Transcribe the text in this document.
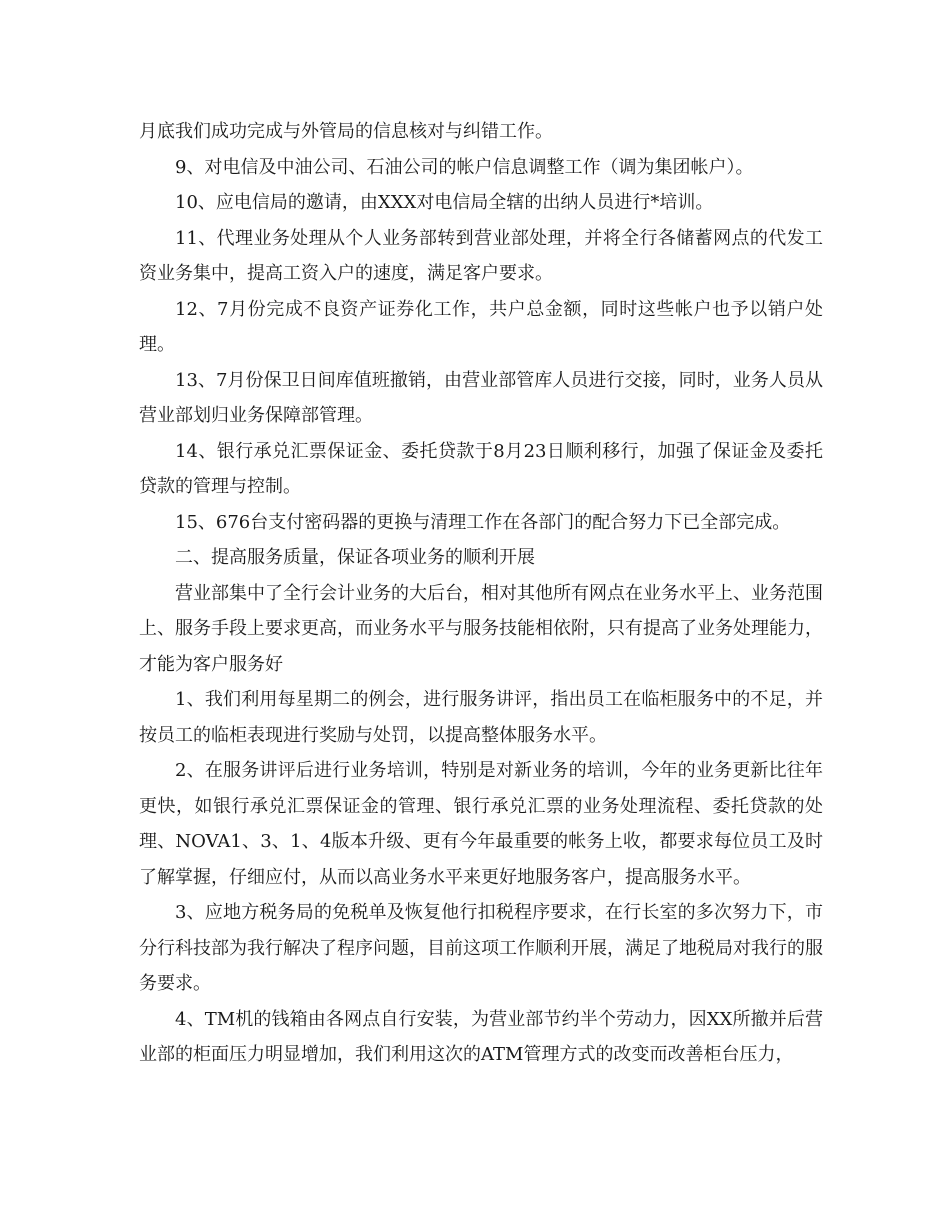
月底我们成功完成与外管局的信息核对与纠错工作。

9、对电信及中油公司、石油公司的帐户信息调整工作（调为集团帐户）。

10、应电信局的邀请，由XXX对电信局全辖的出纳人员进行*培训。

11、代理业务处理从个人业务部转到营业部处理，并将全行各储蓄网点的代发工资业务集中，提高工资入户的速度，满足客户要求。

12、7月份完成不良资产证券化工作，共户总金额，同时这些帐户也予以销户处理。

13、7月份保卫日间库值班撤销，由营业部管库人员进行交接，同时，业务人员从营业部划归业务保障部管理。

14、银行承兑汇票保证金、委托贷款于8月23日顺利移行，加强了保证金及委托贷款的管理与控制。

15、676台支付密码器的更换与清理工作在各部门的配合努力下已全部完成。

二、提高服务质量，保证各项业务的顺利开展

营业部集中了全行会计业务的大后台，相对其他所有网点在业务水平上、业务范围上、服务手段上要求更高，而业务水平与服务技能相依附，只有提高了业务处理能力，才能为客户服务好

1、我们利用每星期二的例会，进行服务讲评，指出员工在临柜服务中的不足，并按员工的临柜表现进行奖励与处罚，以提高整体服务水平。

2、在服务讲评后进行业务培训，特别是对新业务的培训，今年的业务更新比往年更快，如银行承兑汇票保证金的管理、银行承兑汇票的业务处理流程、委托贷款的处理、NOVA1、3、1、4版本升级、更有今年最重要的帐务上收，都要求每位员工及时了解掌握，仔细应付，从而以高业务水平来更好地服务客户，提高服务水平。

3、应地方税务局的免税单及恢复他行扣税程序要求，在行长室的多次努力下，市分行科技部为我行解决了程序问题，目前这项工作顺利开展，满足了地税局对我行的服务要求。

4、TM机的钱箱由各网点自行安装，为营业部节约半个劳动力，因XX所撤并后营业部的柜面压力明显增加，我们利用这次的ATM管理方式的改变而改善柜台压力，
